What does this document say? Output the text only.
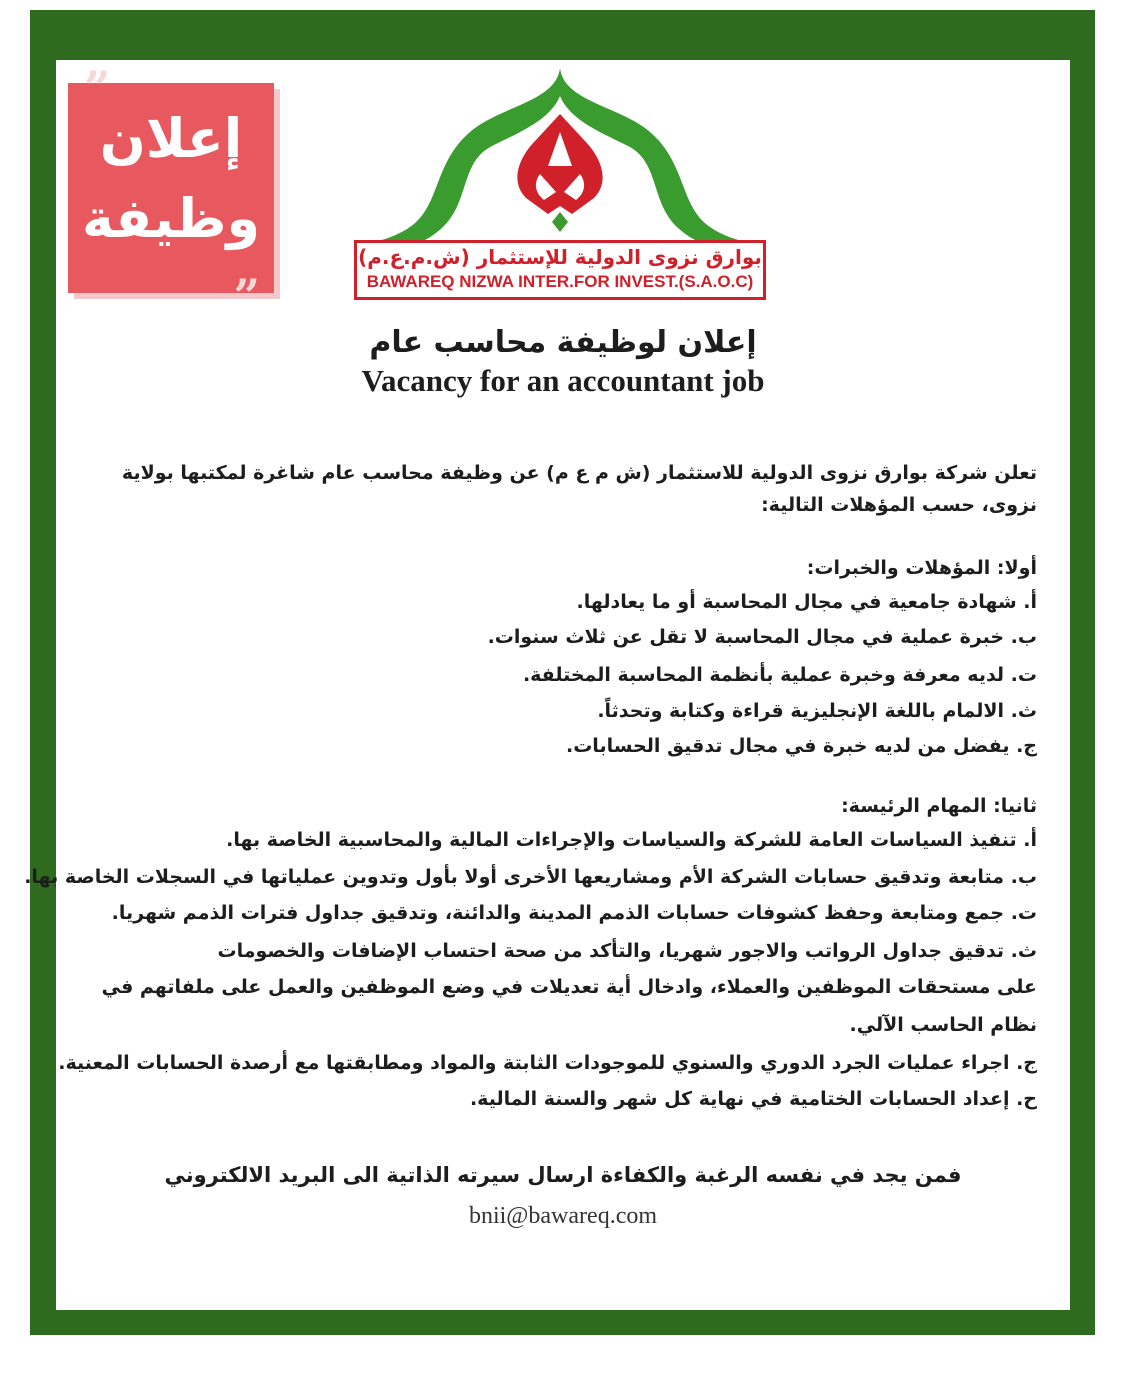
”
إعلان
وظيفة
”
بوارق نزوى الدولية للإستثمار (ش.م.ع.م)
BAWAREQ NIZWA INTER.FOR INVEST.(S.A.O.C)
إعلان لوظيفة محاسب عام
Vacancy for an accountant job
تعلن شركة بوارق نزوى الدولية للاستثمار (ش م ع م) عن وظيفة محاسب عام شاغرة لمكتبها بولاية
نزوى، حسب المؤهلات التالية:
أولا: المؤهلات والخبرات:
أ. شهادة جامعية في مجال المحاسبة أو ما يعادلها.
ب. خبرة عملية في مجال المحاسبة لا تقل عن ثلاث سنوات.
ت. لديه معرفة وخبرة عملية بأنظمة المحاسبة المختلفة.
ث. الالمام باللغة الإنجليزية قراءة وكتابة وتحدثاً.
ج. يفضل من لديه خبرة في مجال تدقيق الحسابات.
ثانيا: المهام الرئيسة:
أ. تنفيذ السياسات العامة للشركة والسياسات والإجراءات المالية والمحاسبية الخاصة بها.
ب. متابعة وتدقيق حسابات الشركة الأم ومشاريعها الأخرى أولا بأول وتدوين عملياتها في السجلات الخاصة بها.
ت. جمع ومتابعة وحفظ كشوفات حسابات الذمم المدينة والدائنة، وتدقيق جداول فترات الذمم شهريا.
ث. تدقيق جداول الرواتب والاجور شهريا، والتأكد من صحة احتساب الإضافات والخصومات
على مستحقات الموظفين والعملاء، وادخال أية تعديلات في وضع الموظفين والعمل على ملفاتهم في
نظام الحاسب الآلي.
ج. اجراء عمليات الجرد الدوري والسنوي للموجودات الثابتة والمواد ومطابقتها مع أرصدة الحسابات المعنية.
ح. إعداد الحسابات الختامية في نهاية كل شهر والسنة المالية.
فمن يجد في نفسه الرغبة والكفاءة ارسال سيرته الذاتية الى البريد الالكتروني
bnii@bawareq.com
